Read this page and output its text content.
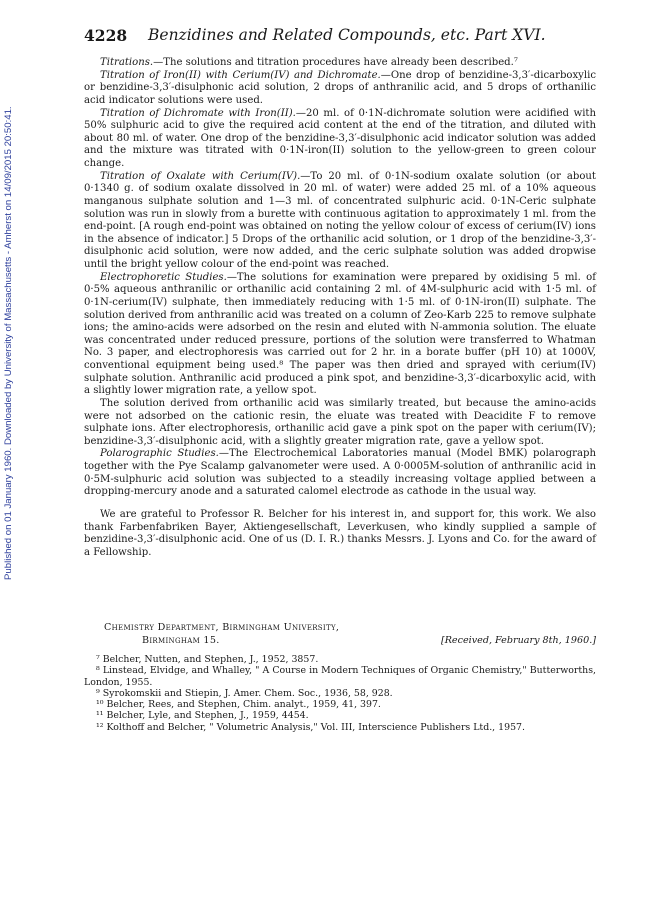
4228 Benzidines and Related Compounds, etc. Part XVI.
Published on 01 January 1960. Downloaded by University of Massachusetts - Amherst on 14/09/2015 20:50:41.

Titrations.—The solutions and titration procedures have already been described.⁷

Titration of Iron(II) with Cerium(IV) and Dichromate.—One drop of benzidine-3,3′-dicarboxylic or benzidine-3,3′-disulphonic acid solution, 2 drops of anthranilic acid, and 5 drops of orthanilic acid indicator solutions were used.

Titration of Dichromate with Iron(II).—20 ml. of 0·1N-dichromate solution were acidified with 50% sulphuric acid to give the required acid content at the end of the titration, and diluted with about 80 ml. of water. One drop of the benzidine-3,3′-disulphonic acid indicator solution was added and the mixture was titrated with 0·1N-iron(II) solution to the yellow-green to green colour change.

Titration of Oxalate with Cerium(IV).—To 20 ml. of 0·1N-sodium oxalate solution (or about 0·1340 g. of sodium oxalate dissolved in 20 ml. of water) were added 25 ml. of a 10% aqueous manganous sulphate solution and 1—3 ml. of concentrated sulphuric acid. 0·1N-Ceric sulphate solution was run in slowly from a burette with continuous agitation to approximately 1 ml. from the end-point. [A rough end-point was obtained on noting the yellow colour of excess of cerium(IV) ions in the absence of indicator.] 5 Drops of the orthanilic acid solution, or 1 drop of the benzidine-3,3′-disulphonic acid solution, were now added, and the ceric sulphate solution was added dropwise until the bright yellow colour of the end-point was reached.

Electrophoretic Studies.—The solutions for examination were prepared by oxidising 5 ml. of 0·5% aqueous anthranilic or orthanilic acid containing 2 ml. of 4M-sulphuric acid with 1·5 ml. of 0·1N-cerium(IV) sulphate, then immediately reducing with 1·5 ml. of 0·1N-iron(II) sulphate. The solution derived from anthranilic acid was treated on a column of Zeo-Karb 225 to remove sulphate ions; the amino-acids were adsorbed on the resin and eluted with N-ammonia solution. The eluate was concentrated under reduced pressure, portions of the solution were transferred to Whatman No. 3 paper, and electrophoresis was carried out for 2 hr. in a borate buffer (pH 10) at 1000V, conventional equipment being used.⁸ The paper was then dried and sprayed with cerium(IV) sulphate solution. Anthranilic acid produced a pink spot, and benzidine-3,3′-dicarboxylic acid, with a slightly lower migration rate, a yellow spot.

The solution derived from orthanilic acid was similarly treated, but because the amino-acids were not adsorbed on the cationic resin, the eluate was treated with Deacidite F to remove sulphate ions. After electrophoresis, orthanilic acid gave a pink spot on the paper with cerium(IV); benzidine-3,3′-disulphonic acid, with a slightly greater migration rate, gave a yellow spot.

Polarographic Studies.—The Electrochemical Laboratories manual (Model BMK) polarograph together with the Pye Scalamp galvanometer were used. A 0·0005M-solution of anthranilic acid in 0·5M-sulphuric acid solution was subjected to a steadily increasing voltage applied between a dropping-mercury anode and a saturated calomel electrode as cathode in the usual way.

We are grateful to Professor R. Belcher for his interest in, and support for, this work. We also thank Farbenfabriken Bayer, Aktiengesellschaft, Leverkusen, who kindly supplied a sample of benzidine-3,3′-disulphonic acid. One of us (D. I. R.) thanks Messrs. J. Lyons and Co. for the award of a Fellowship.

Chemistry Department, Birmingham University,
Birmingham 15.	[Received, February 8th, 1960.]
⁷ Belcher, Nutten, and Stephen, J., 1952, 3857.
⁸ Linstead, Elvidge, and Whalley, " A Course in Modern Techniques of Organic Chemistry," Butterworths, London, 1955.
⁹ Syrokomskii and Stiepin, J. Amer. Chem. Soc., 1936, 58, 928.
¹⁰ Belcher, Rees, and Stephen, Chim. analyt., 1959, 41, 397.
¹¹ Belcher, Lyle, and Stephen, J., 1959, 4454.
¹² Kolthoff and Belcher, " Volumetric Analysis," Vol. III, Interscience Publishers Ltd., 1957.
